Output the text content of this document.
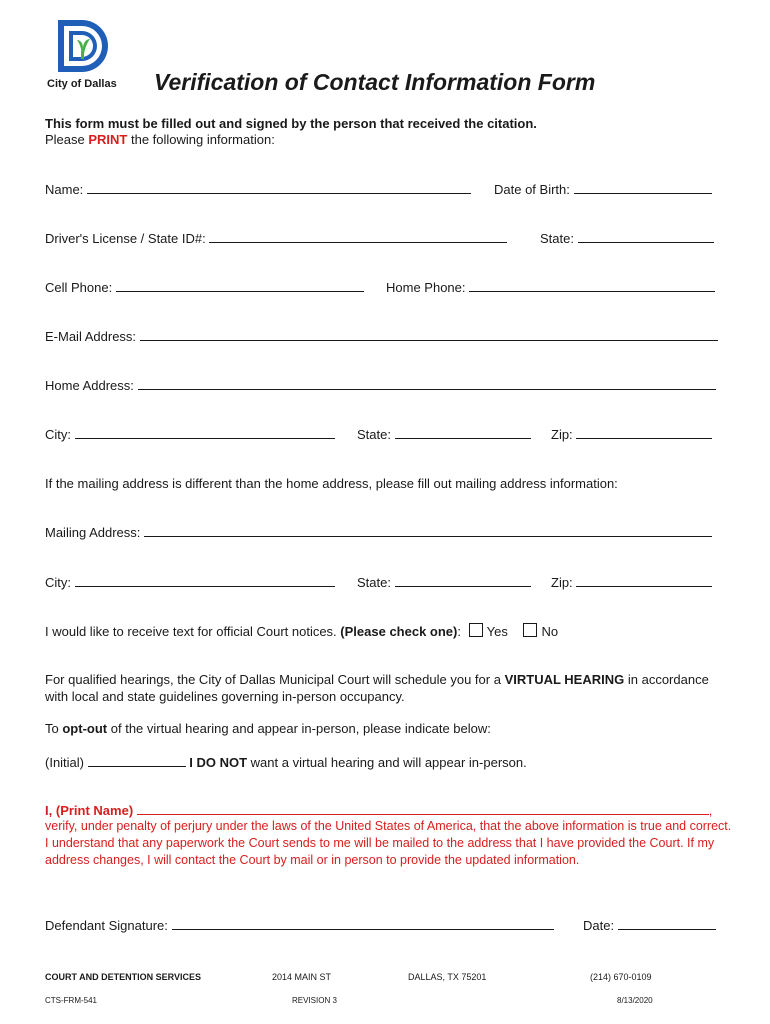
City of Dallas Verification of Contact Information Form
This form must be filled out and signed by the person that received the citation.
Please PRINT the following information:
Name:	Date of Birth:
Driver's License / State ID#:	State:
Cell Phone:	Home Phone:
E-Mail Address:
Home Address:
City:	State:	Zip:
If the mailing address is different than the home address, please fill out mailing address information:
Mailing Address:
City:	State:	Zip:
I would like to receive text for official Court notices. (Please check one): Yes	No
For qualified hearings, the City of Dallas Municipal Court will schedule you for a VIRTUAL HEARING in accordance with local and state guidelines governing in-person occupancy.
To opt-out of the virtual hearing and appear in-person, please indicate below:
(Initial)	I DO NOT want a virtual hearing and will appear in-person.
I, (Print Name)	,
verify, under penalty of perjury under the laws of the United States of America, that the above information is true and correct. I understand that any paperwork the Court sends to me will be mailed to the address that I have provided the Court. If my address changes, I will contact the Court by mail or in person to provide the updated information.
Defendant Signature:	Date:
COURT AND DETENTION SERVICES	2014 MAIN ST	DALLAS, TX 75201	(214) 670-0109
CTS-FRM-541	REVISION 3	8/13/2020
